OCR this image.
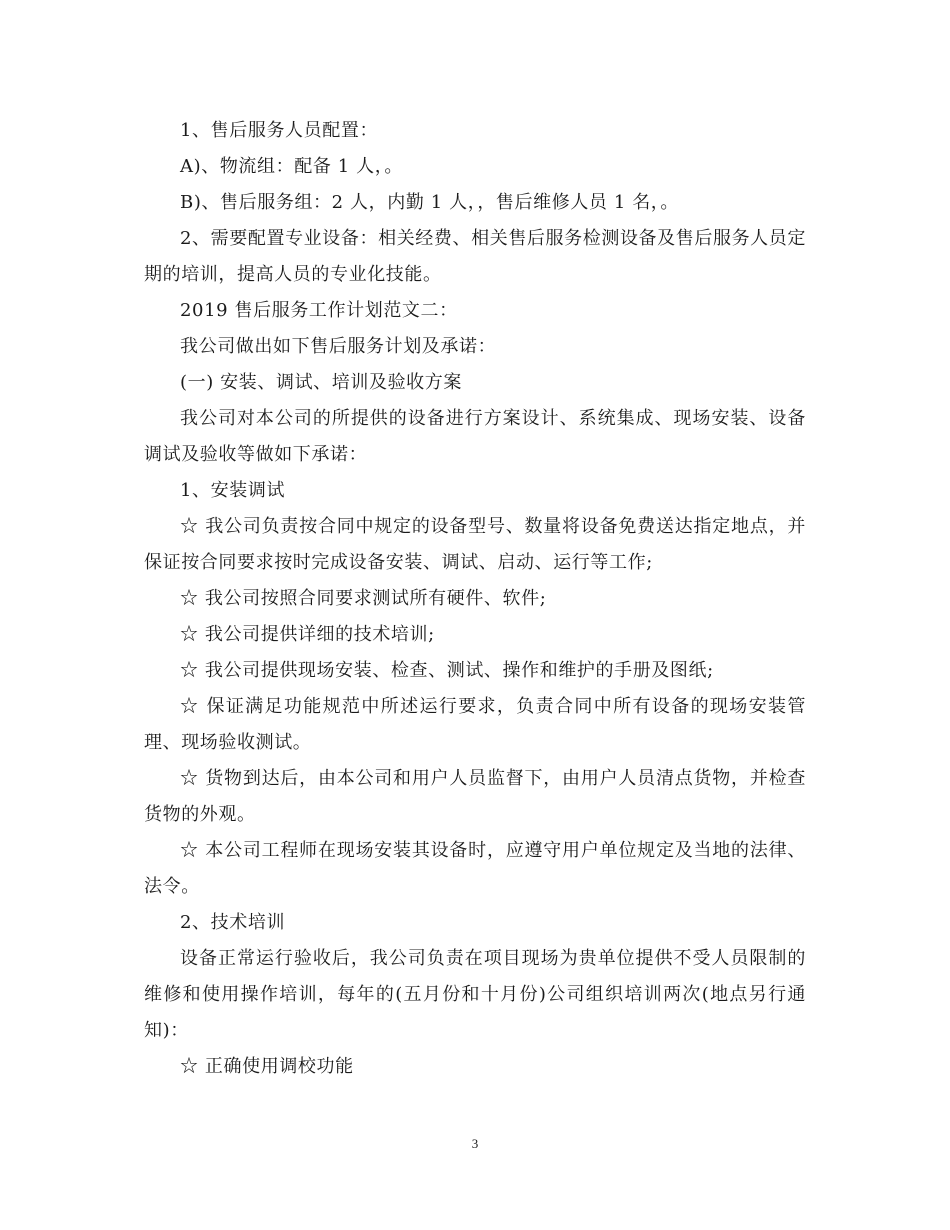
1、售后服务人员配置：

A)、物流组：配备 1 人，。

B)、售后服务组：2 人，内勤 1 人，，售后维修人员 1 名，。

2、需要配置专业设备：相关经费、相关售后服务检测设备及售后服务人员定期的培训，提高人员的专业化技能。

2019 售后服务工作计划范文二：

我公司做出如下售后服务计划及承诺：

(一) 安装、调试、培训及验收方案

我公司对本公司的所提供的设备进行方案设计、系统集成、现场安装、设备调试及验收等做如下承诺：

1、安装调试

☆ 我公司负责按合同中规定的设备型号、数量将设备免费送达指定地点，并保证按合同要求按时完成设备安装、调试、启动、运行等工作;

☆ 我公司按照合同要求测试所有硬件、软件;

☆ 我公司提供详细的技术培训;

☆ 我公司提供现场安装、检查、测试、操作和维护的手册及图纸;

☆ 保证满足功能规范中所述运行要求，负责合同中所有设备的现场安装管理、现场验收测试。

☆ 货物到达后，由本公司和用户人员监督下，由用户人员清点货物，并检查货物的外观。

☆ 本公司工程师在现场安装其设备时，应遵守用户单位规定及当地的法律、法令。

2、技术培训

设备正常运行验收后，我公司负责在项目现场为贵单位提供不受人员限制的维修和使用操作培训，每年的(五月份和十月份)公司组织培训两次(地点另行通知)：

☆ 正确使用调校功能

3
